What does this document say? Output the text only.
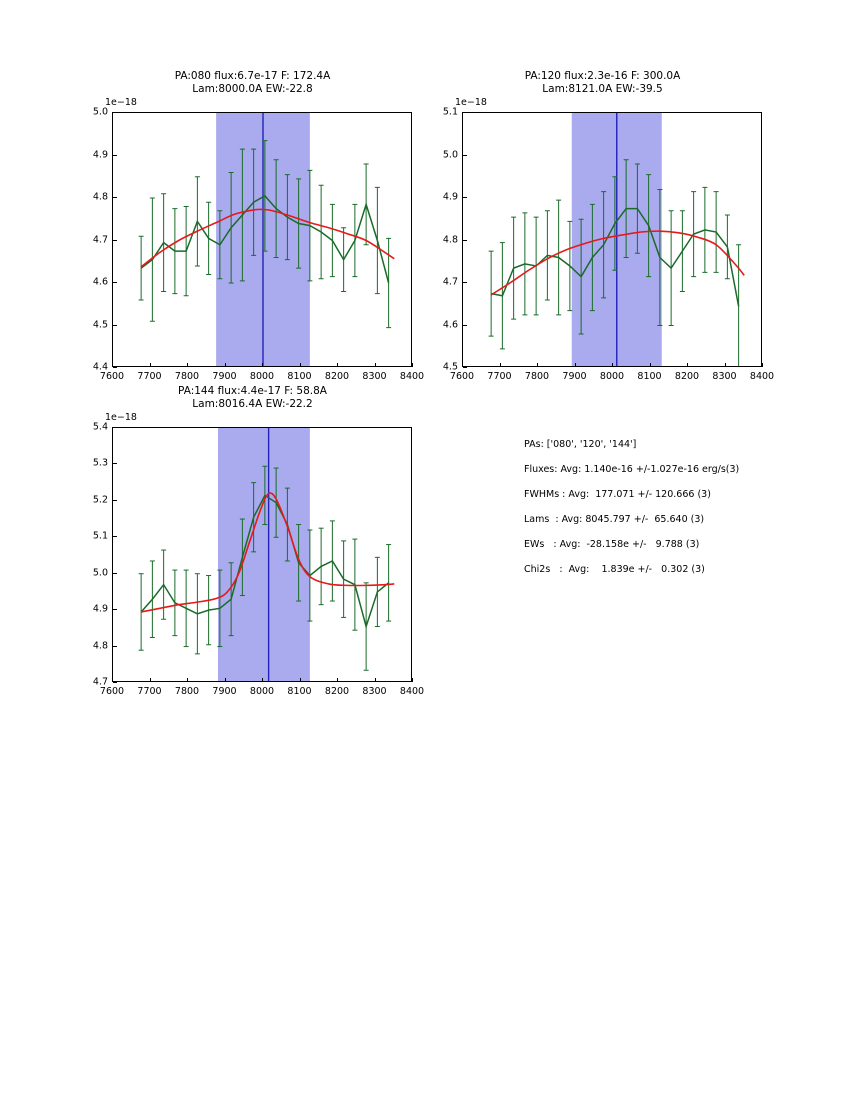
PA:080 flux:6.7e-17 F: 172.4A
Lam:8000.0A EW:-22.8
1e−18
7600 7700 7800 7900 8000 8100 8200 8300 8400
4.4
4.5
4.6
4.7
4.8
4.9
5.0
PA:120 flux:2.3e-16 F: 300.0A
Lam:8121.0A EW:-39.5
1e−18
7600 7700 7800 7900 8000 8100 8200 8300 8400
4.5
4.6
4.7
4.8
4.9
5.0
5.1
PA:144 flux:4.4e-17 F: 58.8A
Lam:8016.4A EW:-22.2
1e−18
7600 7700 7800 7900 8000 8100 8200 8300 8400
4.7
4.8
4.9
5.0
5.1
5.2
5.3
5.4
PAs: ['080', '120', '144']
Fluxes: Avg: 1.140e-16 +/-1.027e-16 erg/s(3)
FWHMs : Avg:  177.071 +/- 120.666 (3)
Lams  : Avg: 8045.797 +/-  65.640 (3)
EWs   : Avg:  -28.158e +/-   9.788 (3)
Chi2s   :  Avg:    1.839e +/-   0.302 (3)
